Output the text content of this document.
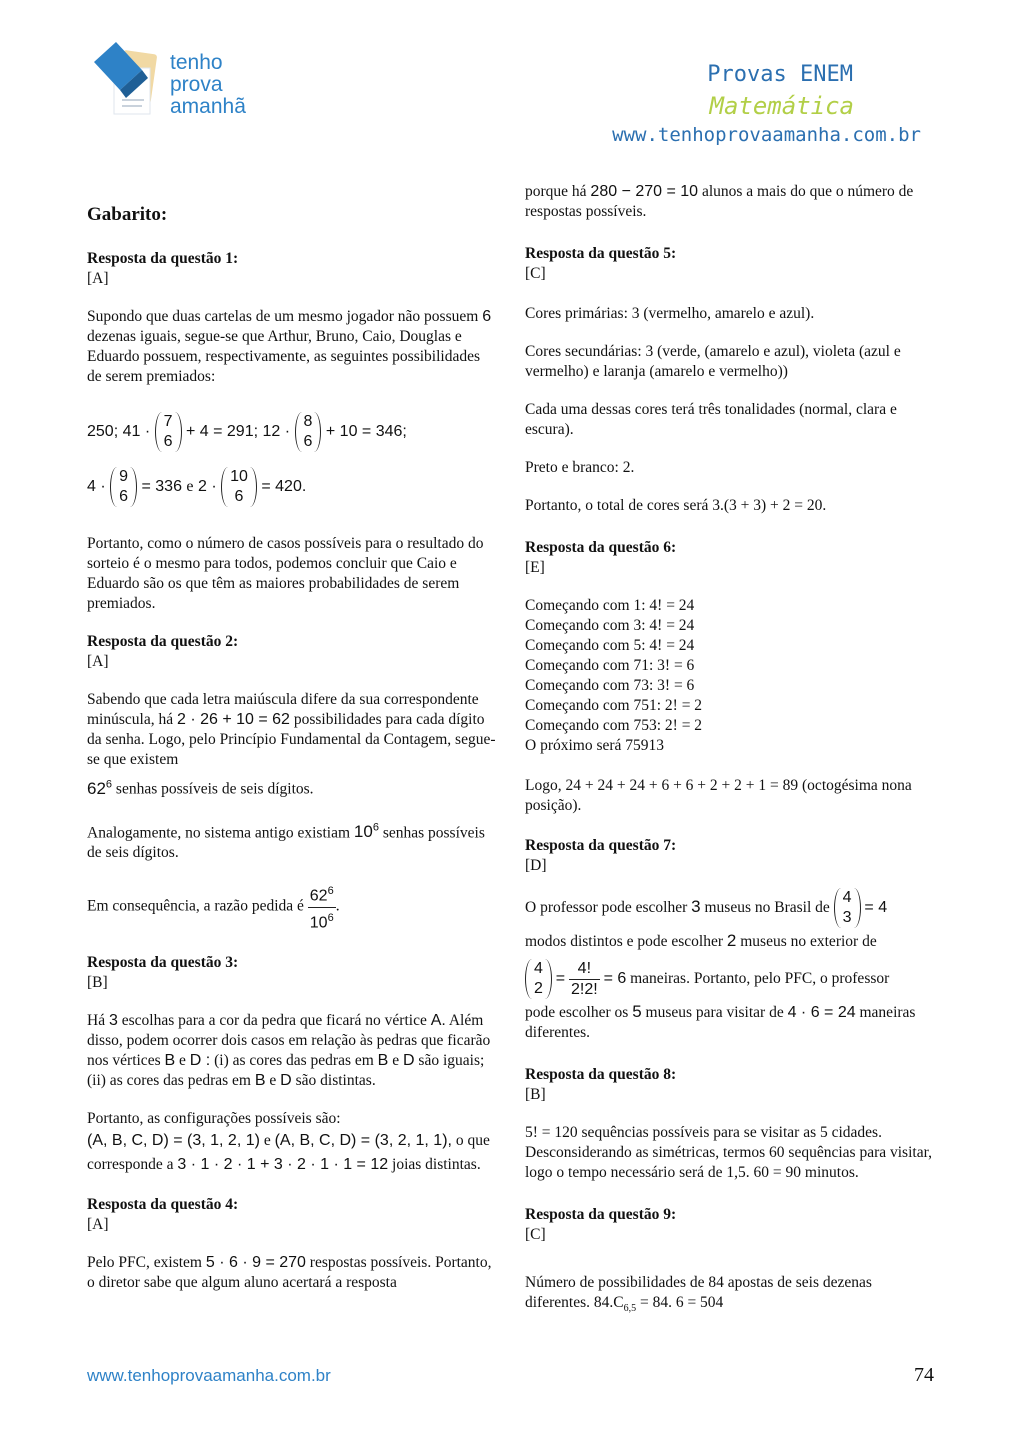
tenho
prova
amanhã
Provas ENEM
Matemática
www.tenhoprovaamanha.com.br

Gabarito:

Resposta da questão 1:

[A]

Supondo que duas cartelas de um mesmo jogador não possuem 6 dezenas iguais, segue-se que Arthur, Bruno, Caio, Douglas e Eduardo possuem, respectivamente, as seguintes possibilidades de serem premiados:

250; 41 ·
7
6
+ 4 = 291; 12 ·
8
6
+ 10 = 346;
4 ·
9
6
= 336 e 2 ·
10
6
= 420.

Portanto, como o número de casos possíveis para o resultado do sorteio é o mesmo para todos, podemos concluir que Caio e Eduardo são os que têm as maiores probabilidades de serem premiados.

Resposta da questão 2:

[A]

Sabendo que cada letra maiúscula difere da sua correspondente minúscula, há 2 · 26 + 10 = 62 possibilidades para cada dígito da senha. Logo, pelo Princípio Fundamental da Contagem, segue-se que existem

$62^6$ senhas possíveis de seis dígitos.

Analogamente, no sistema antigo existiam $10^6$ senhas possíveis de seis dígitos.

Em consequência, a razão pedida é $\frac{62^6}{10^6}$ .

Resposta da questão 3:

[B]

Há 3 escolhas para a cor da pedra que ficará no vértice A. Além disso, podem ocorrer dois casos em relação às pedras que ficarão nos vértices B e D : (i) as cores das pedras em B e D são iguais; (ii) as cores das pedras em B e D são distintas.

Portanto, as configurações possíveis são:

(A, B, C, D) = (3, 1, 2, 1) e (A, B, C, D) = (3, 2, 1, 1), o que corresponde a 3 · 1 · 2 · 1 + 3 · 2 · 1 · 1 = 12 joias distintas.

Resposta da questão 4:

[A]

Pelo PFC, existem 5 · 6 · 9 = 270 respostas possíveis. Portanto, o diretor sabe que algum aluno acertará a resposta

porque há 280 − 270 = 10 alunos a mais do que o número de respostas possíveis.

Resposta da questão 5:

[C]

Cores primárias: 3 (vermelho, amarelo e azul).

Cores secundárias: 3 (verde, (amarelo e azul), violeta (azul e vermelho) e laranja (amarelo e vermelho))

Cada uma dessas cores terá três tonalidades (normal, clara e escura).

Preto e branco: 2.

Portanto, o total de cores será 3.(3 + 3) + 2 = 20.

Resposta da questão 6:

[E]

Começando com 1: 4! = 24

Começando com 3: 4! = 24

Começando com 5: 4! = 24

Começando com 71: 3! = 6

Começando com 73: 3! = 6

Começando com 751: 2! = 2

Começando com 753: 2! = 2

O próximo será 75913

Logo, 24 + 24 + 24 + 6 + 6 + 2 + 2 + 1 = 89 (octogésima nona posição).

Resposta da questão 7:

[D]

O professor pode escolher 3 museus no Brasil de
4
3
= 4

modos distintos e pode escolher 2 museus no exterior de

4
2
= $\frac{4!}{2!2!} = 6$ maneiras. Portanto, pelo PFC, o professor

pode escolher os 5 museus para visitar de 4 · 6 = 24 maneiras diferentes.

Resposta da questão 8:

[B]

5! = 120 sequências possíveis para se visitar as 5 cidades. Desconsiderando as simétricas, termos 60 sequências para visitar, logo o tempo necessário será de 1,5. 60 = 90 minutos.

Resposta da questão 9:

[C]

Número de possibilidades de 84 apostas de seis dezenas diferentes. $84.C_{6,5} = 84$. 6 = 504

www.tenhoprovaamanha.com.br	74
